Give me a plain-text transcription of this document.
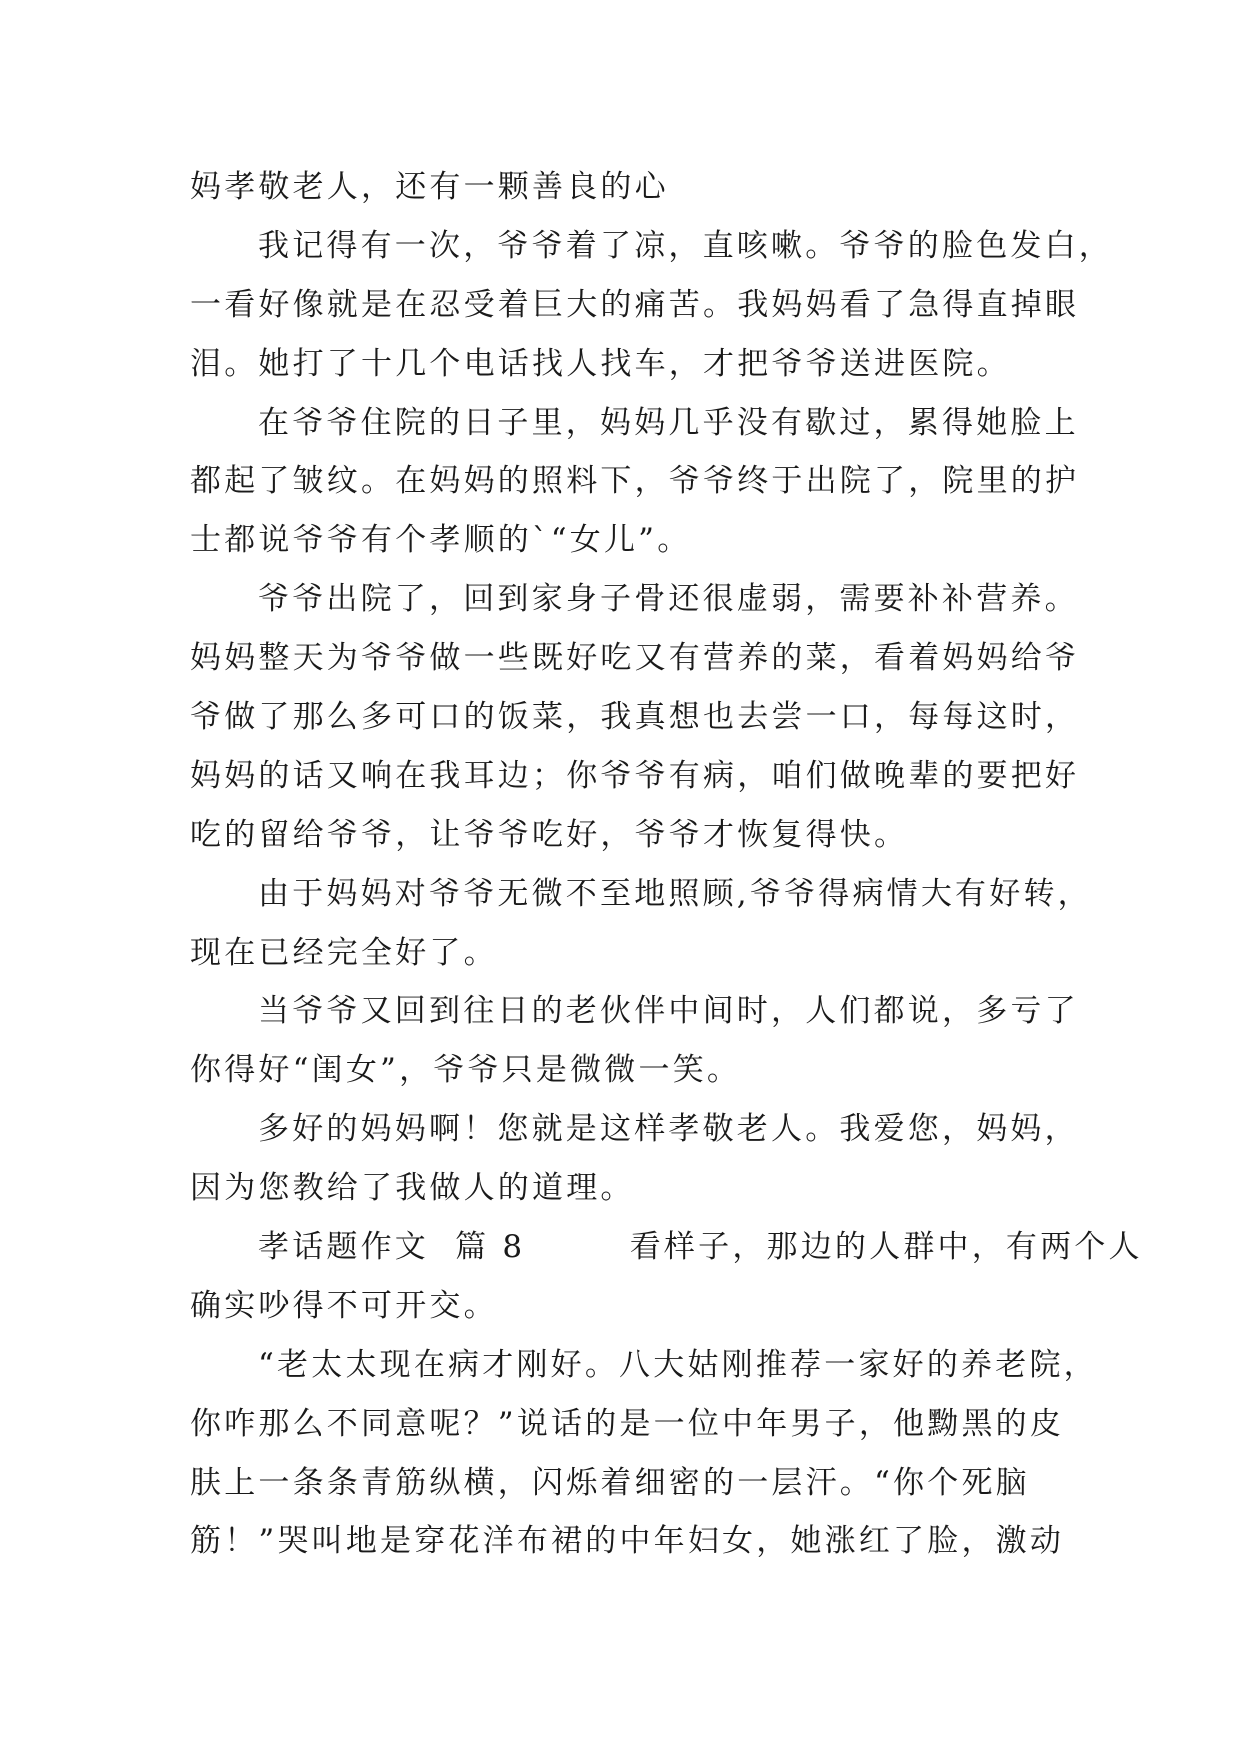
妈孝敬老人，还有一颗善良的心
我记得有一次，爷爷着了凉，直咳嗽。爷爷的脸色发白，
一看好像就是在忍受着巨大的痛苦。我妈妈看了急得直掉眼
泪。她打了十几个电话找人找车，才把爷爷送进医院。
在爷爷住院的日子里，妈妈几乎没有歇过，累得她脸上
都起了皱纹。在妈妈的照料下，爷爷终于出院了，院里的护
士都说爷爷有个孝顺的`“女儿”。
爷爷出院了，回到家身子骨还很虚弱，需要补补营养。
妈妈整天为爷爷做一些既好吃又有营养的菜，看着妈妈给爷
爷做了那么多可口的饭菜，我真想也去尝一口，每每这时，
妈妈的话又响在我耳边；你爷爷有病，咱们做晚辈的要把好
吃的留给爷爷，让爷爷吃好，爷爷才恢复得快。
由于妈妈对爷爷无微不至地照顾,爷爷得病情大有好转，
现在已经完全好了。
当爷爷又回到往日的老伙伴中间时，人们都说，多亏了
你得好“闺女”，爷爷只是微微一笑。
多好的妈妈啊！您就是这样孝敬老人。我爱您，妈妈，
因为您教给了我做人的道理。
孝话题作文  篇 8        看样子，那边的人群中，有两个人
确实吵得不可开交。
“老太太现在病才刚好。八大姑刚推荐一家好的养老院，
你咋那么不同意呢？”说话的是一位中年男子，他黝黑的皮
肤上一条条青筋纵横，闪烁着细密的一层汗。“你个死脑
筋！”哭叫地是穿花洋布裙的中年妇女，她涨红了脸，激动
